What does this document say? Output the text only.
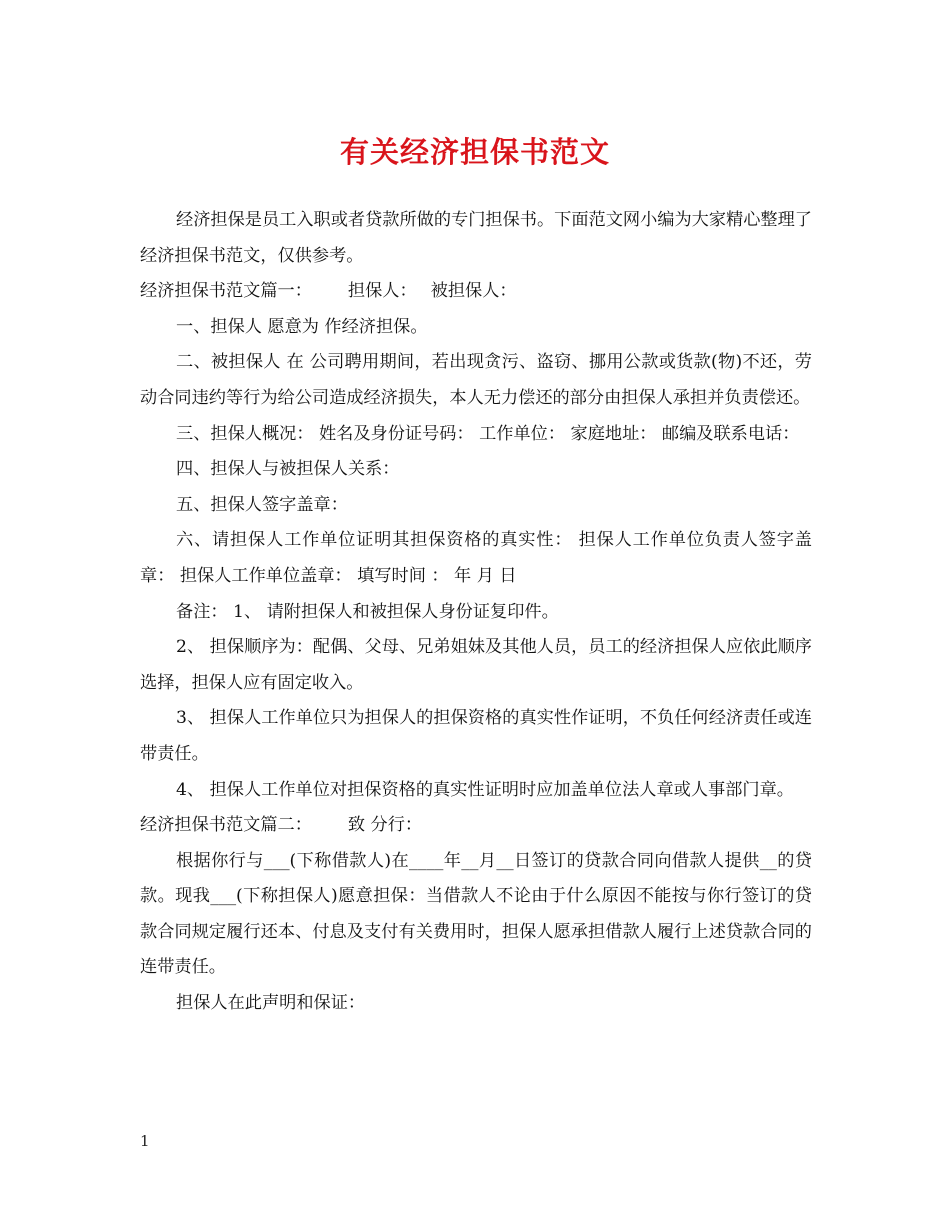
有关经济担保书范文

经济担保是员工入职或者贷款所做的专门担保书。下面范文网小编为大家精心整理了经济担保书范文，仅供参考。

经济担保书范文篇一： 担保人： 被担保人：

一、担保人 愿意为 作经济担保。

二、被担保人 在 公司聘用期间，若出现贪污、盗窃、挪用公款或货款(物)不还，劳动合同违约等行为给公司造成经济损失，本人无力偿还的部分由担保人承担并负责偿还。

三、担保人概况： 姓名及身份证号码： 工作单位： 家庭地址： 邮编及联系电话：

四、担保人与被担保人关系：

五、担保人签字盖章：

六、请担保人工作单位证明其担保资格的真实性： 担保人工作单位负责人签字盖章： 担保人工作单位盖章： 填写时间 ： 年 月 日

备注： 1、 请附担保人和被担保人身份证复印件。

2、 担保顺序为：配偶、父母、兄弟姐妹及其他人员，员工的经济担保人应依此顺序选择，担保人应有固定收入。

3、 担保人工作单位只为担保人的担保资格的真实性作证明，不负任何经济责任或连带责任。

4、 担保人工作单位对担保资格的真实性证明时应加盖单位法人章或人事部门章。

经济担保书范文篇二： 致 分行：

根据你行与___(下称借款人)在____年__月__日签订的贷款合同向借款人提供__的贷款。现我___(下称担保人)愿意担保：当借款人不论由于什么原因不能按与你行签订的贷款合同规定履行还本、付息及支付有关费用时，担保人愿承担借款人履行上述贷款合同的连带责任。

担保人在此声明和保证：

1
